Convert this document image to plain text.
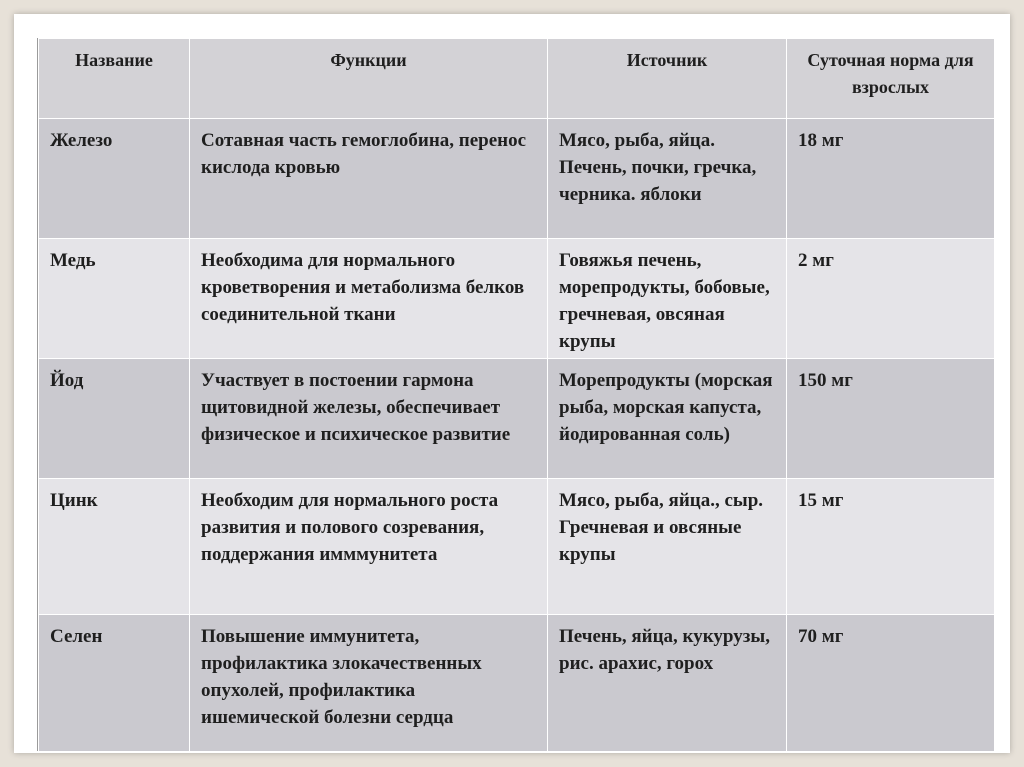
Название	Функции	Источник	Суточная норма для взрослых
Железо	Сотавная часть гемоглобина, перенос кислода кровью	Мясо, рыба, яйца. Печень, почки, гречка, черника. яблоки	18 мг
Медь	Необходима для нормального кроветворения и метаболизма белков соединительной ткани	Говяжья печень, морепродукты, бобовые, гречневая, овсяная крупы	2 мг
Йод	Участвует в постоении гармона щитовидной железы, обеспечивает физическое и психическое развитие	Морепродукты (морская рыба, морская капуста, йодированная соль)	150 мг
Цинк	Необходим для нормального роста развития и полового созревания, поддержания имммунитета	Мясо, рыба, яйца., сыр. Гречневая и овсяные крупы	15 мг
Селен	Повышение иммунитета, профилактика злокачественных опухолей, профилактика ишемической болезни сердца	Печень, яйца, кукурузы, рис. арахис, горох	70 мг
